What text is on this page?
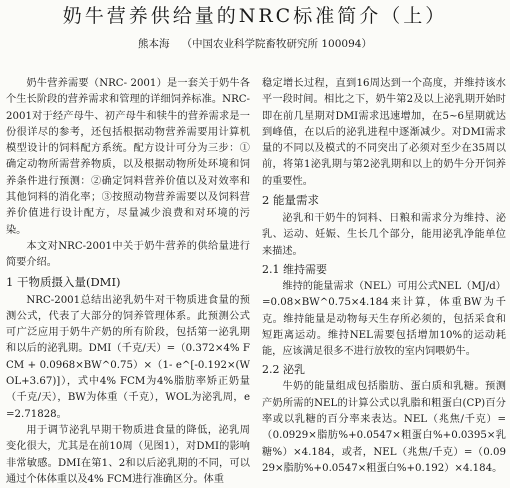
奶牛营养供给量的NRC标准简介（上）
熊本海 （中国农业科学院畜牧研究所 100094）

奶牛营养需要（NRC- 2001）是一套关于奶牛各个生长阶段的营养需求和管理的详细饲养标准。NRC-2001对于经产母牛、初产母牛和犊牛的营养需求是一份很详尽的参考，还包括根据动物营养需要用计算机模型设计的饲料配方系统。配方设计可分为三步：①确定动物所需营养物质，以及根据动物所处环境和饲养条件进行预测：②确定饲料营养价值以及对效率和其他饲料的消化率；③按照动物营养需要以及饲料营养价值进行设计配方，尽量减少浪费和对环境的污染。

本文对NRC-2001中关于奶牛营养的供给量进行简要介绍。

1 干物质摄入量(DMI)

NRC-2001总结出泌乳奶牛对干物质进食量的预测公式，代表了大部分的饲养管理体系。此预测公式可广泛应用于奶牛产奶的所有阶段，包括第一泌乳期和以后的泌乳期。DMI（千克/天）=（0.372×4% FCM + 0.0968×BW^0.75）×（1- e^[-0.192×(WOL+3.67)]），式中4% FCM为4%脂肪率矫正奶量（千克/天），BW为体重（千克），WOL为泌乳周，e=2.71828。

用于调节泌乳早期干物质进食量的降低，泌乳周变化很大，尤其是在前10周（见图1），对DMI的影响非常敏感。DMI在第1、2和以后泌乳期的不同，可以通过个体体重以及4% FCM进行准确区分。体重

稳定增长过程，直到16周达到一个高度，并维持该水平一段时间。相比之下，奶牛第2及以上泌乳期开始时即在前几星期对DMI需求迅速增加，在5~6星期就达到峰值，在以后的泌乳进程中逐渐减少。对DMI需求量的不同以及模式的不同突出了必须对至少在35周以前，将第1泌乳期与第2泌乳期和以上的奶牛分开饲养的重要性。

2 能量需求

泌乳和干奶牛的饲料、日粮和需求分为维持、泌乳、运动、妊娠、生长几个部分，能用泌乳净能单位来描述。

2.1 维持需要

维持的能量需求（NEL）可用公式NEL（MJ/d）=0.08×BW^0.75×4.184来计算，体重BW为千克。维持能量是动物每天生存所必须的，包括采食和短距离运动。维持NEL需要包括增加10%的运动耗能，应该满足很多不进行放牧的室内饲喂奶牛。

2.2 泌乳

牛奶的能量组成包括脂肪、蛋白质和乳糖。预测产奶所需的NEL的计算公式以乳脂和粗蛋白(CP)百分率或以乳糖的百分率来表达。NEL（兆焦/千克）=（0.0929×脂肪%+0.0547×粗蛋白%+0.0395×乳糖%）×4.184，或者，NEL（兆焦/千克）=（0.0929×脂肪%+0.0547×粗蛋白%+0.192）×4.184。
